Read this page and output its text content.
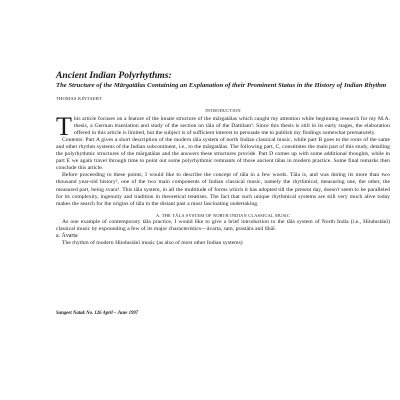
Ancient Indian Polyrhythms:
The Structure of the Mārgatālas Containing an Explanation of their Prominent Status in the History of Indian Rhythm
THOMAS KINTAERT
INTRODUCTION

This article focuses on a feature of the innate structure of the mārgatālas which caught my attention while beginning research for my M.A. thesis, a German translation and study of the section on tāla of the Dattilam¹. Since this thesis is still in its early stages, the elaboration offered in this article is limited, but the subject is of sufficient interest to persuade me to publish my findings somewhat prematurely.

Contents: Part A gives a short description of the modern tāla system of north Indian classical music, while part B goes to the roots of the same and other rhythm systems of the Indian subcontinent, i.e., to the mārgatālas. The following part, C, constitutes the main part of this study, detailing the polyrhythmic structures of the mārgatālas and the answers these structures provide. Part D comes up with some additional thoughts, while in part E we again travel through time to point out some polyrhythmic remnants of those ancient tālas in modern practice. Some final remarks then conclude this article.

Before proceeding to these points, I would like to describe the concept of tāla in a few words. Tāla is, and was during its more than two thousand year-old history², one of the two main components of Indian classical music, namely the rhythmical, measuring one, the other, the measured part, being svara³. This tāla system, in all the multitude of forms which it has adopted till the present day, doesn't seem to be paralleled for its complexity, ingenuity and tradition in theoretical treatises. The fact that such unique rhythmical systems are still very much alive today makes the search for the origins of tāla in the distant past a most fascinating undertaking.

A. THE TĀLA SYSTEM OF NORTH INDIAN CLASSICAL MUSIC

As one example of contemporary tāla practice, I would like to give a brief introduction to the tāla system of North India (i.e., Hindustānī) classical music by expounding a few of its major characteristics—āvarta, sam, prastāra and tīhāī.

a. Āvarta

The rhythm of modern Hindustānī music (as also of most other Indian systems)

Sangeet Natak No. 126 April – June 1997
